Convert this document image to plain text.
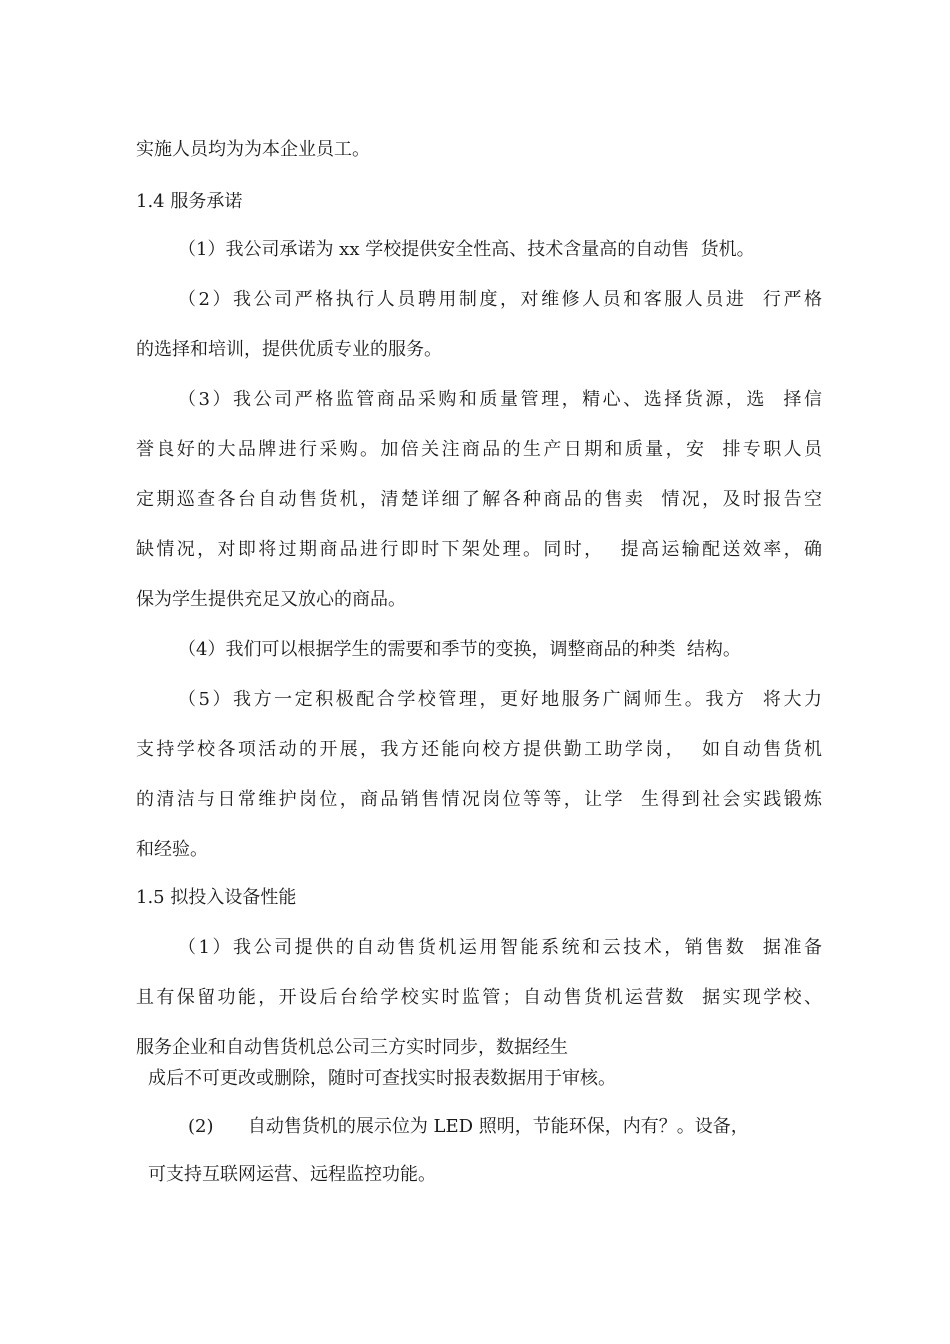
实施人员均为为本企业员工。
1.4 服务承诺
（1）我公司承诺为 xx 学校提供安全性高、技术含量高的自动售  货机。
（2）我公司严格执行人员聘用制度，对维修人员和客服人员进  行严格
的选择和培训，提供优质专业的服务。
（3）我公司严格监管商品采购和质量管理，精心、选择货源，选  择信
誉良好的大品牌进行采购。加倍关注商品的生产日期和质量，安  排专职人员
定期巡查各台自动售货机，清楚详细了解各种商品的售卖  情况，及时报告空
缺情况，对即将过期商品进行即时下架处理。同时，  提高运输配送效率，确
保为学生提供充足又放心的商品。
（4）我们可以根据学生的需要和季节的变换，调整商品的种类  结构。
（5）我方一定积极配合学校管理，更好地服务广阔师生。我方  将大力
支持学校各项活动的开展，我方还能向校方提供勤工助学岗，  如自动售货机
的清洁与日常维护岗位，商品销售情况岗位等等，让学  生得到社会实践锻炼
和经验。
1.5 拟投入设备性能
（1）我公司提供的自动售货机运用智能系统和云技术，销售数  据准备
且有保留功能，开设后台给学校实时监管；自动售货机运营数  据实现学校、
服务企业和自动售货机总公司三方实时同步，数据经生
成后不可更改或删除，随时可查找实时报表数据用于审核。
(2)      自动售货机的展示位为 LED 照明，节能环保，内有？。设备，
可支持互联网运营、远程监控功能。
